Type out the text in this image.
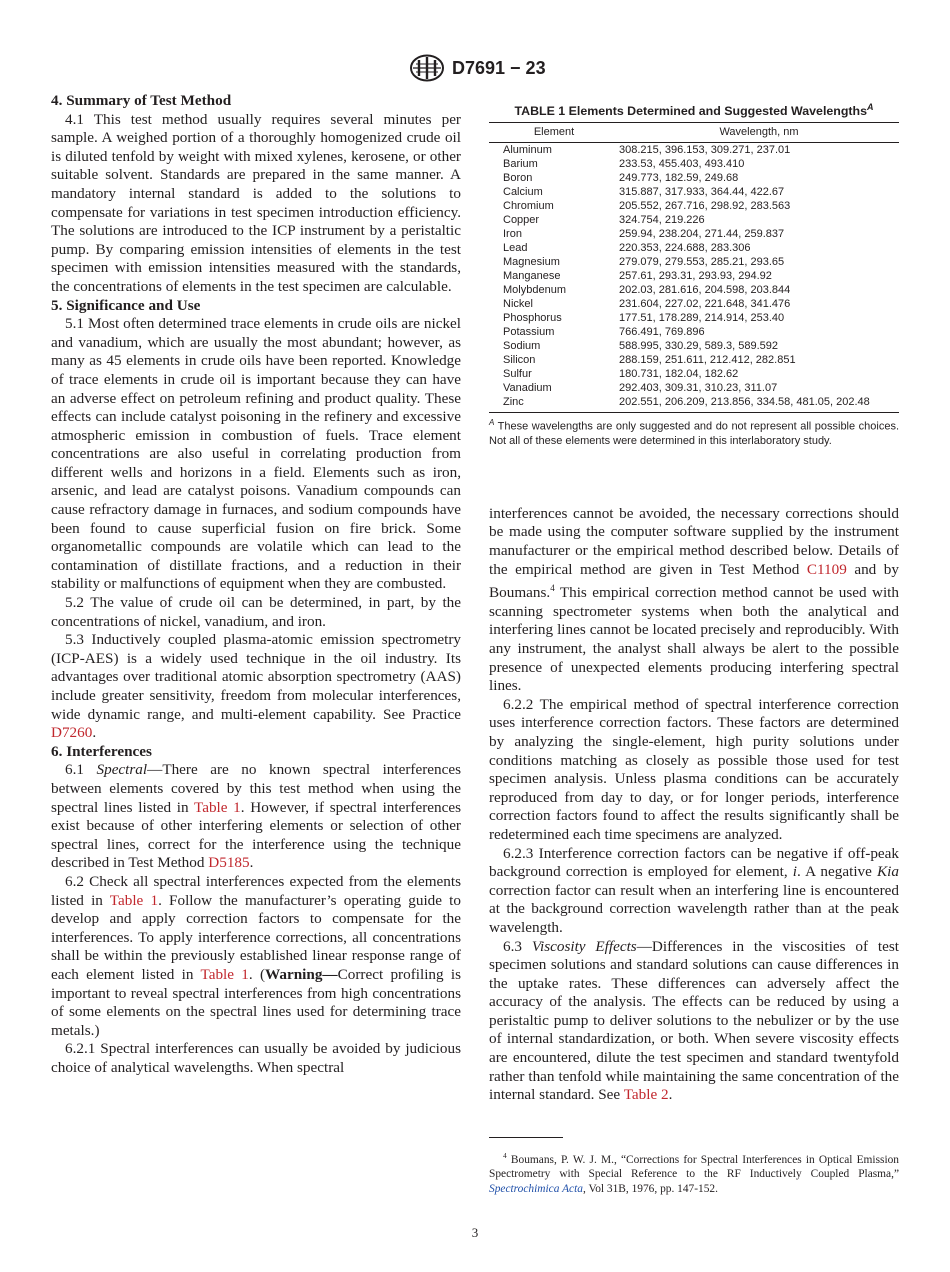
D7691 − 23
4. Summary of Test Method

4.1 This test method usually requires several minutes per sample. A weighed portion of a thoroughly homogenized crude oil is diluted tenfold by weight with mixed xylenes, kerosene, or other suitable solvent. Standards are prepared in the same manner. A mandatory internal standard is added to the solutions to compensate for variations in test specimen introduction efficiency. The solutions are introduced to the ICP instrument by a peristaltic pump. By comparing emission intensities of elements in the test specimen with emission intensities measured with the standards, the concentrations of elements in the test specimen are calculable.

5. Significance and Use

5.1 Most often determined trace elements in crude oils are nickel and vanadium, which are usually the most abundant; however, as many as 45 elements in crude oils have been reported. Knowledge of trace elements in crude oil is important because they can have an adverse effect on petroleum refining and product quality. These effects can include catalyst poisoning in the refinery and excessive atmospheric emission in combustion of fuels. Trace element concentrations are also useful in correlating production from different wells and horizons in a field. Elements such as iron, arsenic, and lead are catalyst poisons. Vanadium compounds can cause refractory damage in furnaces, and sodium compounds have been found to cause superficial fusion on fire brick. Some organometallic compounds are volatile which can lead to the contamination of distillate fractions, and a reduction in their stability or malfunctions of equipment when they are combusted.

5.2 The value of crude oil can be determined, in part, by the concentrations of nickel, vanadium, and iron.

5.3 Inductively coupled plasma-atomic emission spectrometry (ICP-AES) is a widely used technique in the oil industry. Its advantages over traditional atomic absorption spectrometry (AAS) include greater sensitivity, freedom from molecular interferences, wide dynamic range, and multi-element capability. See Practice D7260.

6. Interferences

6.1 Spectral—There are no known spectral interferences between elements covered by this test method when using the spectral lines listed in Table 1. However, if spectral interferences exist because of other interfering elements or selection of other spectral lines, correct for the interference using the technique described in Test Method D5185.

6.2 Check all spectral interferences expected from the elements listed in Table 1. Follow the manufacturer’s operating guide to develop and apply correction factors to compensate for the interferences. To apply interference corrections, all concentrations shall be within the previously established linear response range of each element listed in Table 1. (Warning—Correct profiling is important to reveal spectral interferences from high concentrations of some elements on the spectral lines used for determining trace metals.)

6.2.1 Spectral interferences can usually be avoided by judicious choice of analytical wavelengths. When spectral

TABLE 1 Elements Determined and Suggested Wavelengths$^A$
Element	Wavelength, nm
Aluminum	308.215, 396.153, 309.271, 237.01
Barium	233.53, 455.403, 493.410
Boron	249.773, 182.59, 249.68
Calcium	315.887, 317.933, 364.44, 422.67
Chromium	205.552, 267.716, 298.92, 283.563
Copper	324.754, 219.226
Iron	259.94, 238.204, 271.44, 259.837
Lead	220.353, 224.688, 283.306
Magnesium	279.079, 279.553, 285.21, 293.65
Manganese	257.61, 293.31, 293.93, 294.92
Molybdenum	202.03, 281.616, 204.598, 203.844
Nickel	231.604, 227.02, 221.648, 341.476
Phosphorus	177.51, 178.289, 214.914, 253.40
Potassium	766.491, 769.896
Sodium	588.995, 330.29, 589.3, 589.592
Silicon	288.159, 251.611, 212.412, 282.851
Sulfur	180.731, 182.04, 182.62
Vanadium	292.403, 309.31, 310.23, 311.07
Zinc	202.551, 206.209, 213.856, 334.58, 481.05, 202.48
$^A$ These wavelengths are only suggested and do not represent all possible choices. Not all of these elements were determined in this interlaboratory study.	

interferences cannot be avoided, the necessary corrections should be made using the computer software supplied by the instrument manufacturer or the empirical method described below. Details of the empirical method are given in Test Method C1109 and by Boumans.$^4$ This empirical correction method cannot be used with scanning spectrometer systems when both the analytical and interfering lines cannot be located precisely and reproducibly. With any instrument, the analyst shall always be alert to the possible presence of unexpected elements producing interfering spectral lines.

6.2.2 The empirical method of spectral interference correction uses interference correction factors. These factors are determined by analyzing the single-element, high purity solutions under conditions matching as closely as possible those used for test specimen analysis. Unless plasma conditions can be accurately reproduced from day to day, or for longer periods, interference correction factors found to affect the results significantly shall be redetermined each time specimens are analyzed.

6.2.3 Interference correction factors can be negative if off-peak background correction is employed for element, i. A negative Kia correction factor can result when an interfering line is encountered at the background correction wavelength rather than at the peak wavelength.

6.3 Viscosity Effects—Differences in the viscosities of test specimen solutions and standard solutions can cause differences in the uptake rates. These differences can adversely affect the accuracy of the analysis. The effects can be reduced by using a peristaltic pump to deliver solutions to the nebulizer or by the use of internal standardization, or both. When severe viscosity effects are encountered, dilute the test specimen and standard twentyfold rather than tenfold while maintaining the same concentration of the internal standard. See Table 2.

$^4$ Boumans, P. W. J. M., “Corrections for Spectral Interferences in Optical Emission Spectrometry with Special Reference to the RF Inductively Coupled Plasma,” Spectrochimica Acta, Vol 31B, 1976, pp. 147-152.
3
